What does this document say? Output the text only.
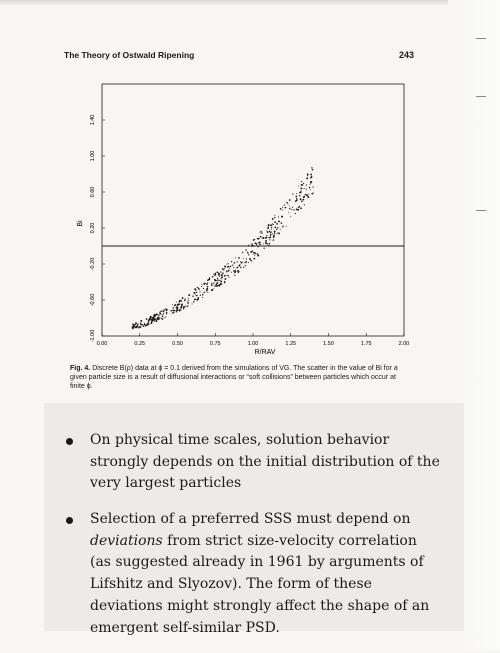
The Theory of Ostwald Ripening	243
-1.00
-0.60
-0.20
0.20
0.60
1.00
1.40
0.00	0.25	0.50	0.75	1.00	1.25	1.50	1.75	2.00
R/RAV
Bi
Fig. 4. Discrete B(ρ) data at ϕ = 0.1 derived from the simulations of VG. The scatter in the value of Bi for a given particle size is a result of diffusional interactions or “soft collisions” between particles which occur at finite ϕ.
On physical time scales, solution behavior strongly depends on the initial distribution of the very largest particles
Selection of a preferred SSS must depend on deviations from strict size-velocity correlation (as suggested already in 1961 by arguments of Lifshitz and Slyozov). The form of these deviations might strongly affect the shape of an emergent self-similar PSD.
